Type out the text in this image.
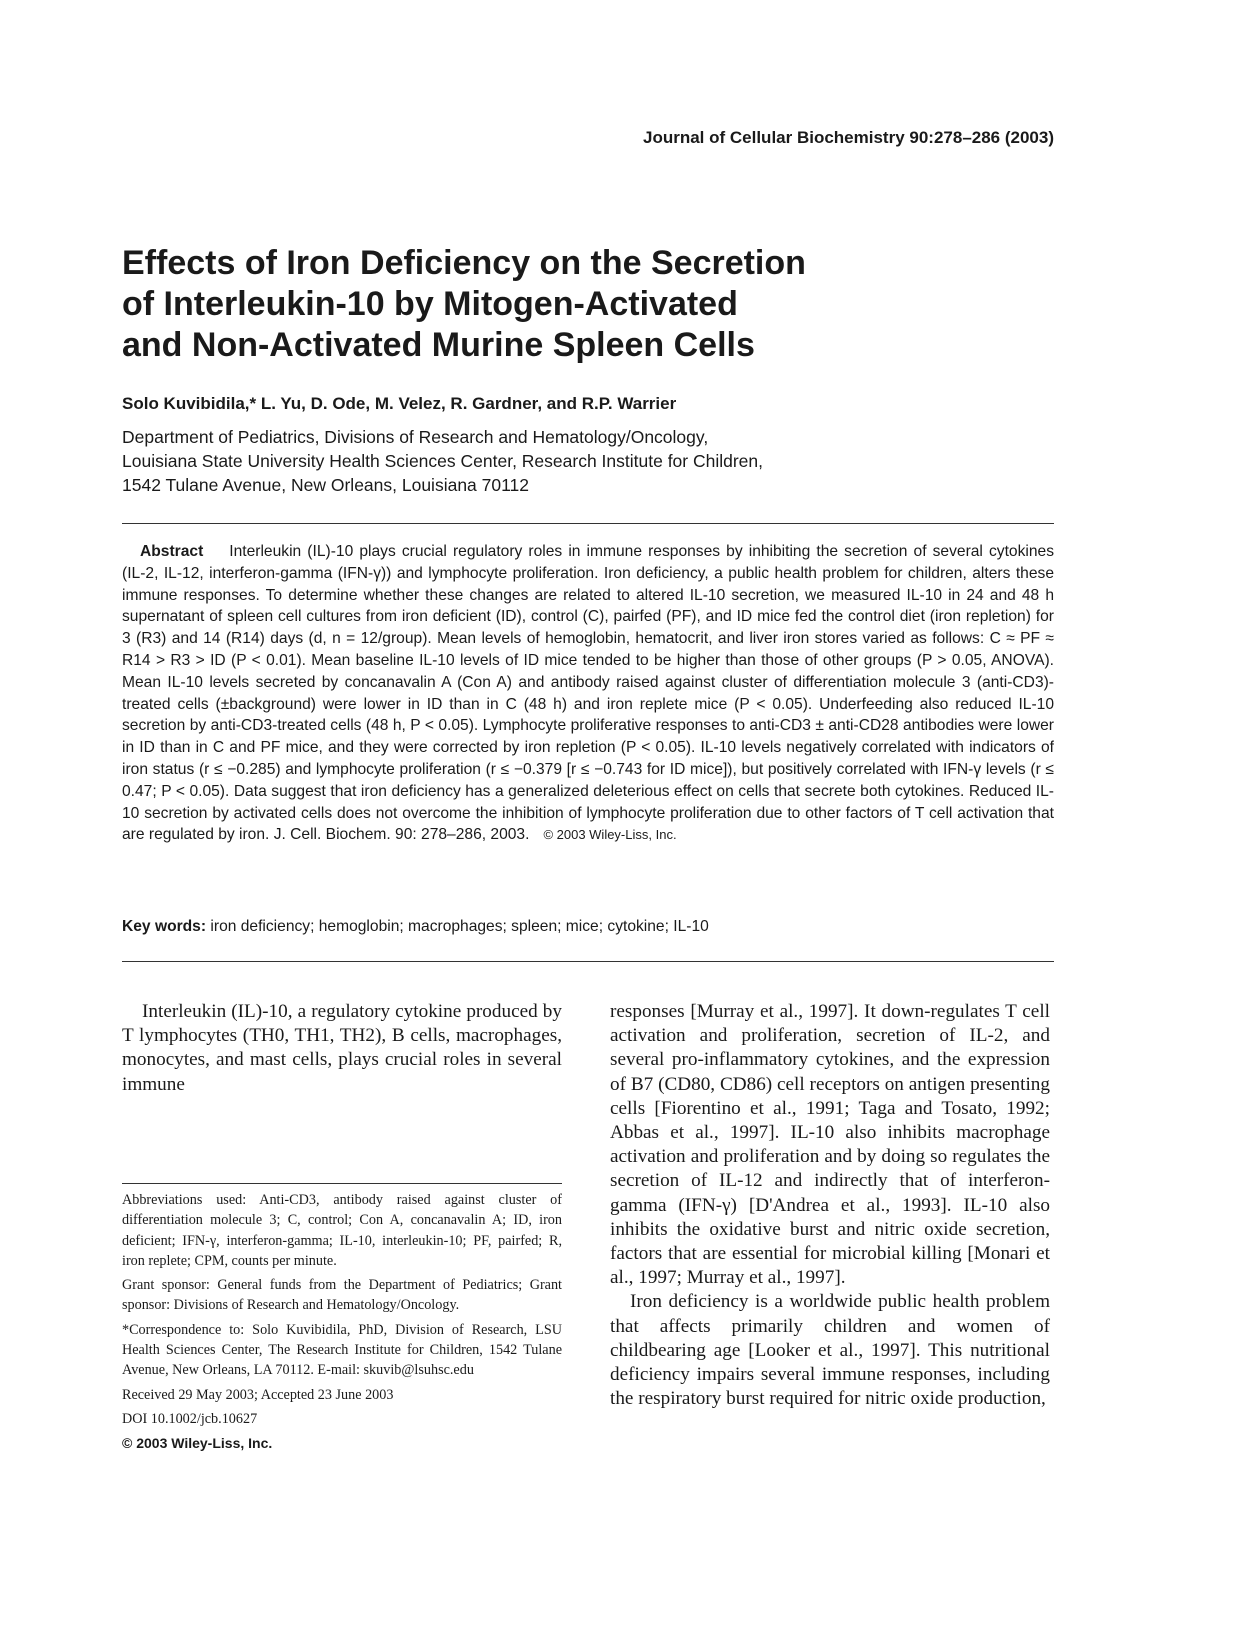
Journal of Cellular Biochemistry 90:278–286 (2003)
Effects of Iron Deficiency on the Secretion
of Interleukin-10 by Mitogen-Activated
and Non-Activated Murine Spleen Cells
Solo Kuvibidila,* L. Yu, D. Ode, M. Velez, R. Gardner, and R.P. Warrier
Department of Pediatrics, Divisions of Research and Hematology/Oncology,
Louisiana State University Health Sciences Center, Research Institute for Children,
1542 Tulane Avenue, New Orleans, Louisiana 70112

Abstract Interleukin (IL)-10 plays crucial regulatory roles in immune responses by inhibiting the secretion of several cytokines (IL-2, IL-12, interferon-gamma (IFN-γ)) and lymphocyte proliferation. Iron deficiency, a public health problem for children, alters these immune responses. To determine whether these changes are related to altered IL-10 secretion, we measured IL-10 in 24 and 48 h supernatant of spleen cell cultures from iron deficient (ID), control (C), pairfed (PF), and ID mice fed the control diet (iron repletion) for 3 (R3) and 14 (R14) days (d, n = 12/group). Mean levels of hemoglobin, hematocrit, and liver iron stores varied as follows: C ≈ PF ≈ R14 > R3 > ID (P < 0.01). Mean baseline IL-10 levels of ID mice tended to be higher than those of other groups (P > 0.05, ANOVA). Mean IL-10 levels secreted by concanavalin A (Con A) and antibody raised against cluster of differentiation molecule 3 (anti-CD3)-treated cells (±background) were lower in ID than in C (48 h) and iron replete mice (P < 0.05). Underfeeding also reduced IL-10 secretion by anti-CD3-treated cells (48 h, P < 0.05). Lymphocyte proliferative responses to anti-CD3 ± anti-CD28 antibodies were lower in ID than in C and PF mice, and they were corrected by iron repletion (P < 0.05). IL-10 levels negatively correlated with indicators of iron status (r ≤ −0.285) and lymphocyte proliferation (r ≤ −0.379 [r ≤ −0.743 for ID mice]), but positively correlated with IFN-γ levels (r ≤ 0.47; P < 0.05). Data suggest that iron deficiency has a generalized deleterious effect on cells that secrete both cytokines. Reduced IL-10 secretion by activated cells does not overcome the inhibition of lymphocyte proliferation due to other factors of T cell activation that are regulated by iron. J. Cell. Biochem. 90: 278–286, 2003. © 2003 Wiley-Liss, Inc.

Key words: iron deficiency; hemoglobin; macrophages; spleen; mice; cytokine; IL-10

Interleukin (IL)-10, a regulatory cytokine produced by T lymphocytes (TH0, TH1, TH2), B cells, macrophages, monocytes, and mast cells, plays crucial roles in several immune

responses [Murray et al., 1997]. It down-regulates T cell activation and proliferation, secretion of IL-2, and several pro-inflammatory cytokines, and the expression of B7 (CD80, CD86) cell receptors on antigen presenting cells [Fiorentino et al., 1991; Taga and Tosato, 1992; Abbas et al., 1997]. IL-10 also inhibits macrophage activation and proliferation and by doing so regulates the secretion of IL-12 and indirectly that of interferon-gamma (IFN-γ) [D'Andrea et al., 1993]. IL-10 also inhibits the oxidative burst and nitric oxide secretion, factors that are essential for microbial killing [Monari et al., 1997; Murray et al., 1997].

Iron deficiency is a worldwide public health problem that affects primarily children and women of childbearing age [Looker et al., 1997]. This nutritional deficiency impairs several immune responses, including the respiratory burst required for nitric oxide production,

Abbreviations used: Anti-CD3, antibody raised against cluster of differentiation molecule 3; C, control; Con A, concanavalin A; ID, iron deficient; IFN-γ, interferon-gamma; IL-10, interleukin-10; PF, pairfed; R, iron replete; CPM, counts per minute.

Grant sponsor: General funds from the Department of Pediatrics; Grant sponsor: Divisions of Research and Hematology/Oncology.

*Correspondence to: Solo Kuvibidila, PhD, Division of Research, LSU Health Sciences Center, The Research Institute for Children, 1542 Tulane Avenue, New Orleans, LA 70112. E-mail: skuvib@lsuhsc.edu

Received 29 May 2003; Accepted 23 June 2003

DOI 10.1002/jcb.10627

© 2003 Wiley-Liss, Inc.
